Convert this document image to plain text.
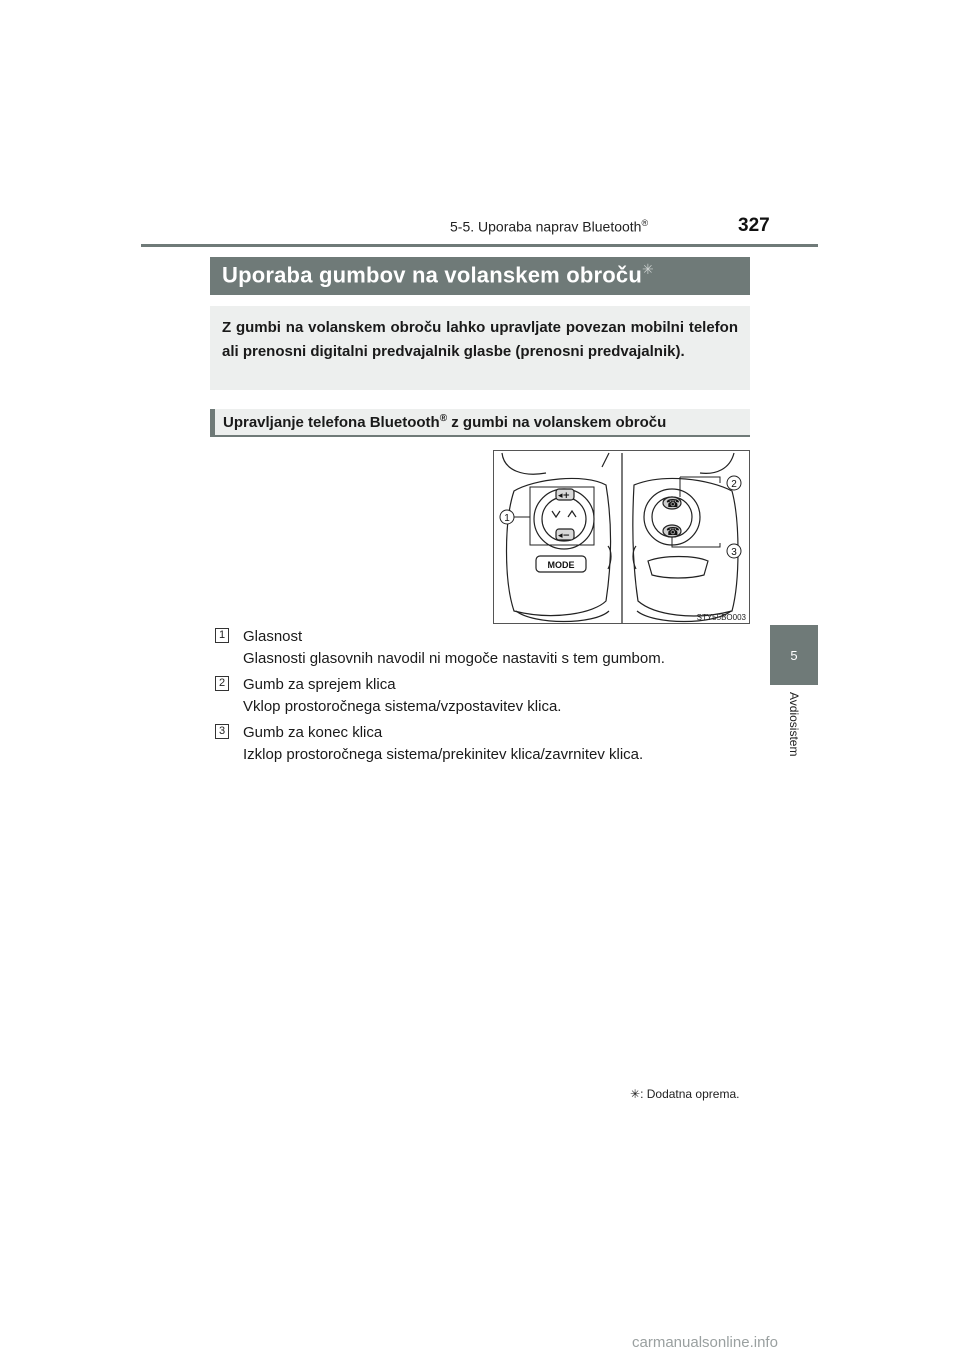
5-5. Uporaba naprav Bluetooth®	327
5
Avdiosistem
Uporaba gumbov na volanskem obroču✳

Z gumbi na volanskem obroču lahko upravljate povezan mobilni telefon ali prenosni digitalni predvajalnik glasbe (prenosni predvajalnik).

Upravljanje telefona Bluetooth® z gumbi na volanskem obroču
☎
☎
◂+
◂−
MODE
1
2
3
STY55BO003
1 Glasnost
Glasnosti glasovnih navodil ni mogoče nastaviti s tem gumbom.
2 Gumb za sprejem klica
Vklop prostoročnega sistema/vzpostavitev klica.
3 Gumb za konec klica
Izklop prostoročnega sistema/prekinitev klica/zavrnitev klica.
✳: Dodatna oprema.
carmanualsonline.info
